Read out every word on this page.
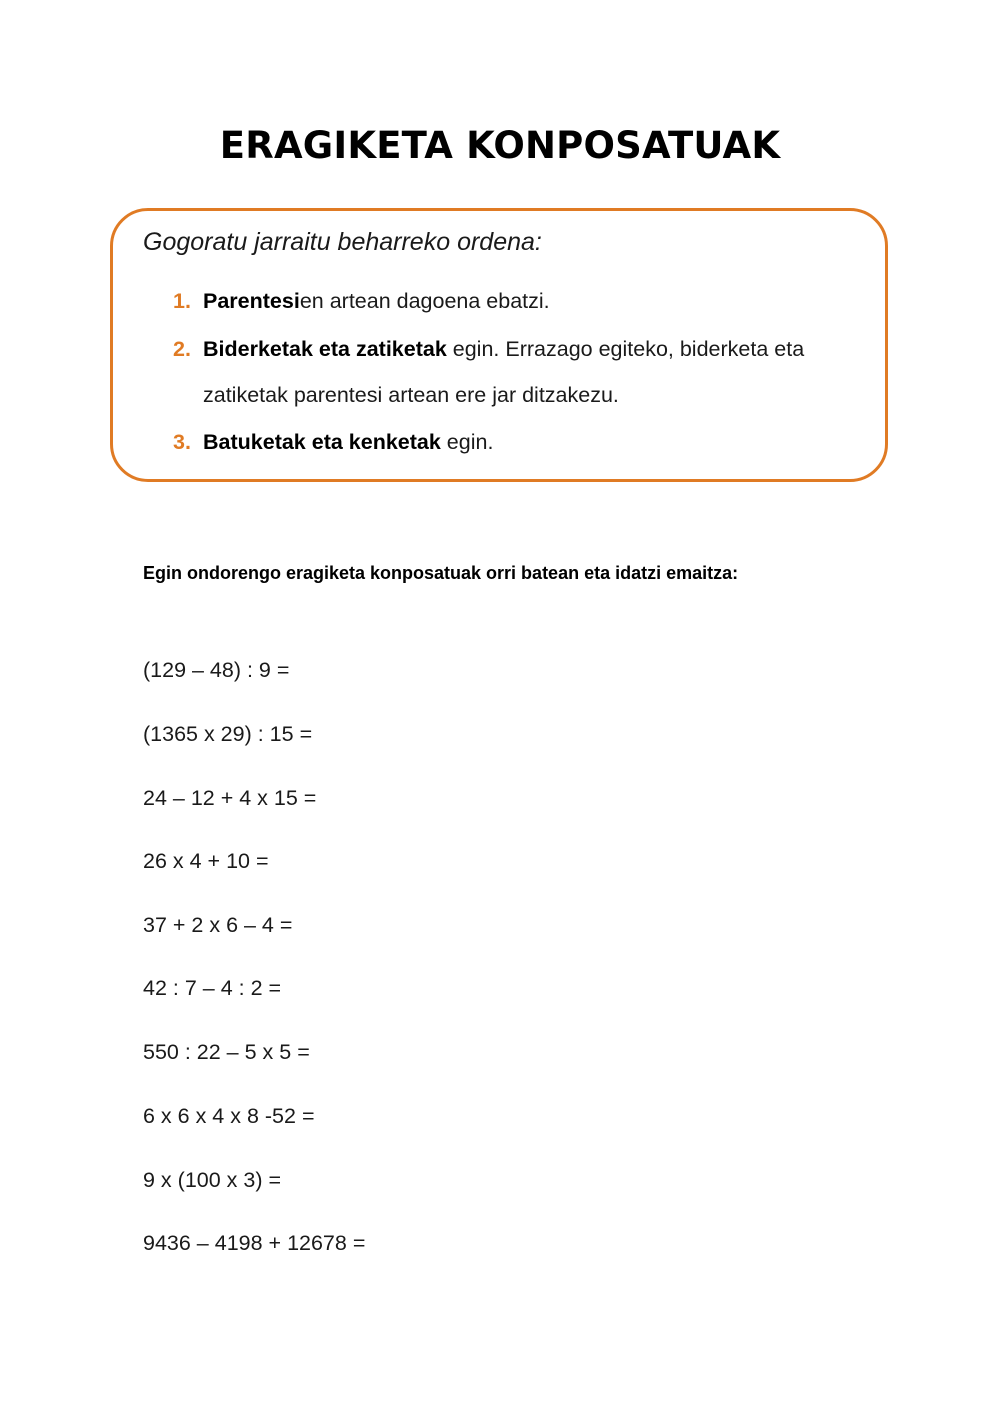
ERAGIKETA KONPOSATUAK
Gogoratu jarraitu beharreko ordena:
1. Parentesien artean dagoena ebatzi.
2. Biderketak eta zatiketak egin. Errazago egiteko, biderketa eta
zatiketak parentesi artean ere jar ditzakezu.
3. Batuketak eta kenketak egin.
Egin ondorengo eragiketa konposatuak orri batean eta idatzi emaitza:
(129 – 48) : 9 =
(1365 x 29) : 15 =
24 – 12 + 4 x 15 =
26 x 4 + 10 =
37 + 2 x 6 – 4 =
42 : 7 – 4 : 2 =
550 : 22 – 5 x 5 =
6 x 6 x 4 x 8 -52 =
9 x (100 x 3) =
9436 – 4198 + 12678 =
